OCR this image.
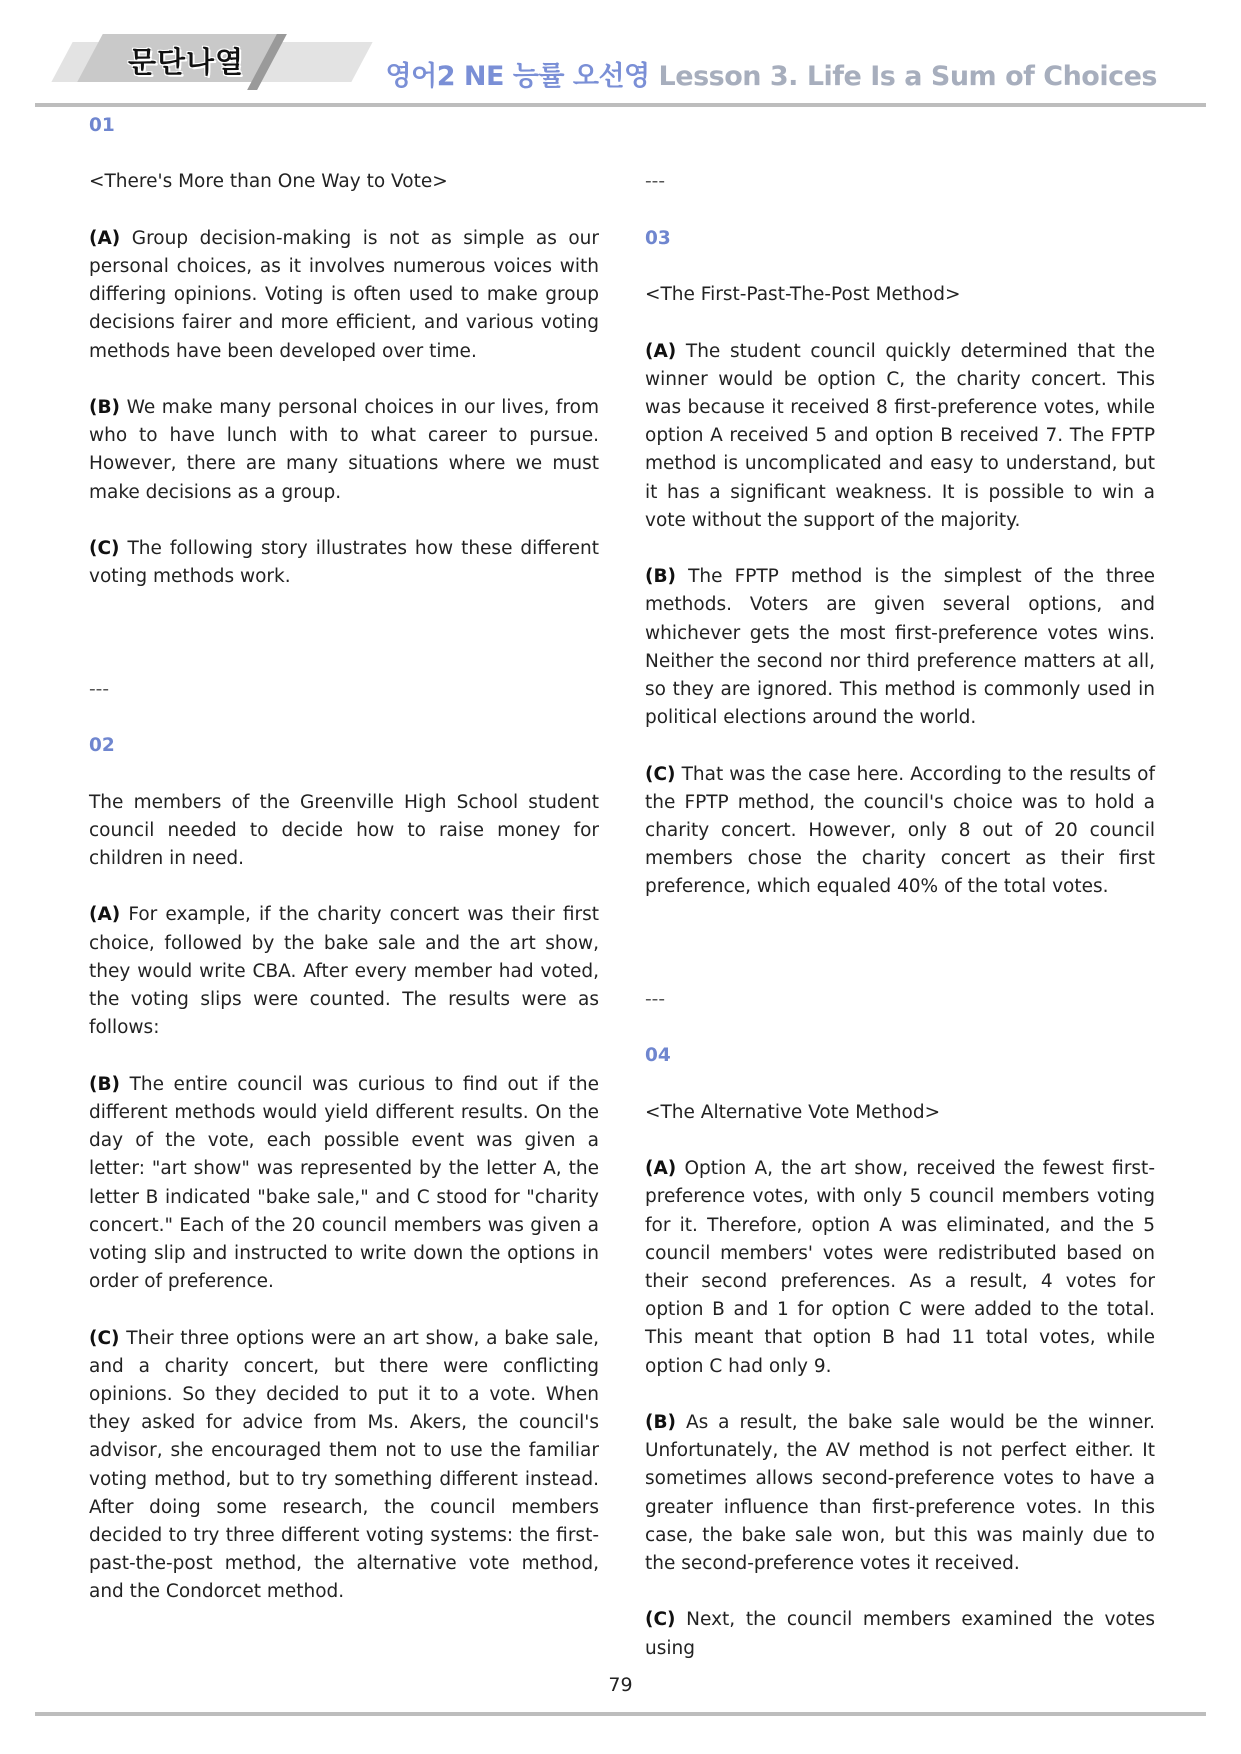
문단나열	영어2 NE 능률 오선영 Lesson 3. Life Is a Sum of Choices
01
<There's More than One Way to Vote>

(A) Group decision-making is not as simple as our personal choices, as it involves numerous voices with differing opinions. Voting is often used to make group decisions fairer and more efficient, and various voting methods have been developed over time.

(B) We make many personal choices in our lives, from who to have lunch with to what career to pursue. However, there are many situations where we must make decisions as a group.

(C) The following story illustrates how these different voting methods work.

---
02

The members of the Greenville High School student council needed to decide how to raise money for children in need.

(A) For example, if the charity concert was their first choice, followed by the bake sale and the art show, they would write CBA. After every member had voted, the voting slips were counted. The results were as follows:

(B) The entire council was curious to find out if the different methods would yield different results. On the day of the vote, each possible event was given a letter: "art show" was represented by the letter A, the letter B indicated "bake sale," and C stood for "charity concert." Each of the 20 council members was given a voting slip and instructed to write down the options in order of preference.

(C) Their three options were an art show, a bake sale, and a charity concert, but there were conflicting opinions. So they decided to put it to a vote. When they asked for advice from Ms. Akers, the council's advisor, she encouraged them not to use the familiar voting method, but to try something different instead. After doing some research, the council members decided to try three different voting systems: the first-past-the-post method, the alternative vote method, and the Condorcet method.

---
03
<The First-Past-The-Post Method>

(A) The student council quickly determined that the winner would be option C, the charity concert. This was because it received 8 first-preference votes, while option A received 5 and option B received 7. The FPTP method is uncomplicated and easy to understand, but it has a significant weakness. It is possible to win a vote without the support of the majority.

(B) The FPTP method is the simplest of the three methods. Voters are given several options, and whichever gets the most first-preference votes wins. Neither the second nor third preference matters at all, so they are ignored. This method is commonly used in political elections around the world.

(C) That was the case here. According to the results of the FPTP method, the council's choice was to hold a charity concert. However, only 8 out of 20 council members chose the charity concert as their first preference, which equaled 40% of the total votes.

---
04
<The Alternative Vote Method>

(A) Option A, the art show, received the fewest first-preference votes, with only 5 council members voting for it. Therefore, option A was eliminated, and the 5 council members' votes were redistributed based on their second preferences. As a result, 4 votes for option B and 1 for option C were added to the total. This meant that option B had 11 total votes, while option C had only 9.

(B) As a result, the bake sale would be the winner. Unfortunately, the AV method is not perfect either. It sometimes allows second-preference votes to have a greater influence than first-preference votes. In this case, the bake sale won, but this was mainly due to the second-preference votes it received.

(C) Next, the council members examined the votes using

79
